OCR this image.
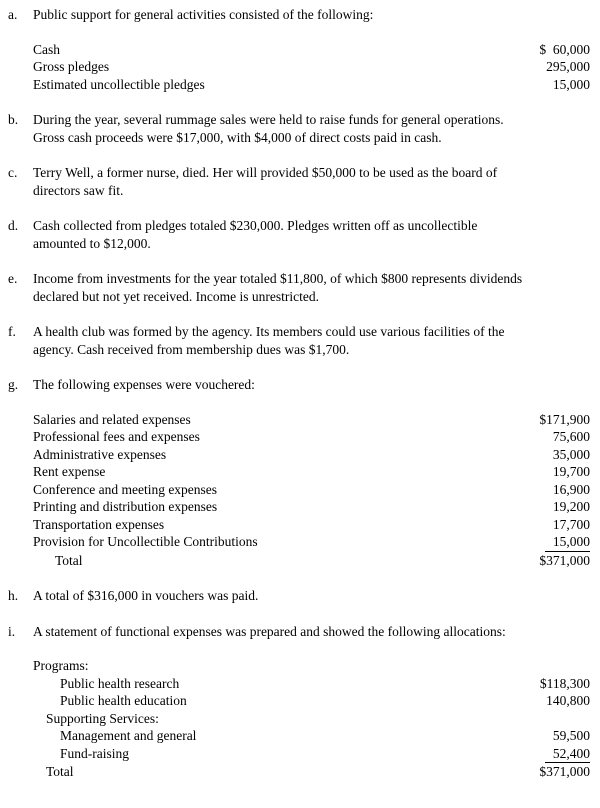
a.	Public support for general activities consisted of the following:
Cash	$  60,000
Gross pledges	295,000
Estimated uncollectible pledges	15,000
b.	During the year, several rummage sales were held to raise funds for general operations.
Gross cash proceeds were $17,000, with $4,000 of direct costs paid in cash.
c.	Terry Well, a former nurse, died. Her will provided $50,000 to be used as the board of
directors saw fit.
d.	Cash collected from pledges totaled $230,000. Pledges written off as uncollectible
amounted to $12,000.
e.	Income from investments for the year totaled $11,800, of which $800 represents dividends
declared but not yet received. Income is unrestricted.
f.	A health club was formed by the agency. Its members could use various facilities of the
agency. Cash received from membership dues was $1,700.
g.	The following expenses were vouchered:
Salaries and related expenses	$171,900
Professional fees and expenses	75,600
Administrative expenses	35,000
Rent expense	19,700
Conference and meeting expenses	16,900
Printing and distribution expenses	19,200
Transportation expenses	17,700
Provision for Uncollectible Contributions	15,000
Total	$371,000
h.	A total of $316,000 in vouchers was paid.
i.	A statement of functional expenses was prepared and showed the following allocations:
Programs:
Public health research	$118,300
Public health education	140,800
Supporting Services:
Management and general	59,500
Fund-raising	52,400
Total	$371,000
